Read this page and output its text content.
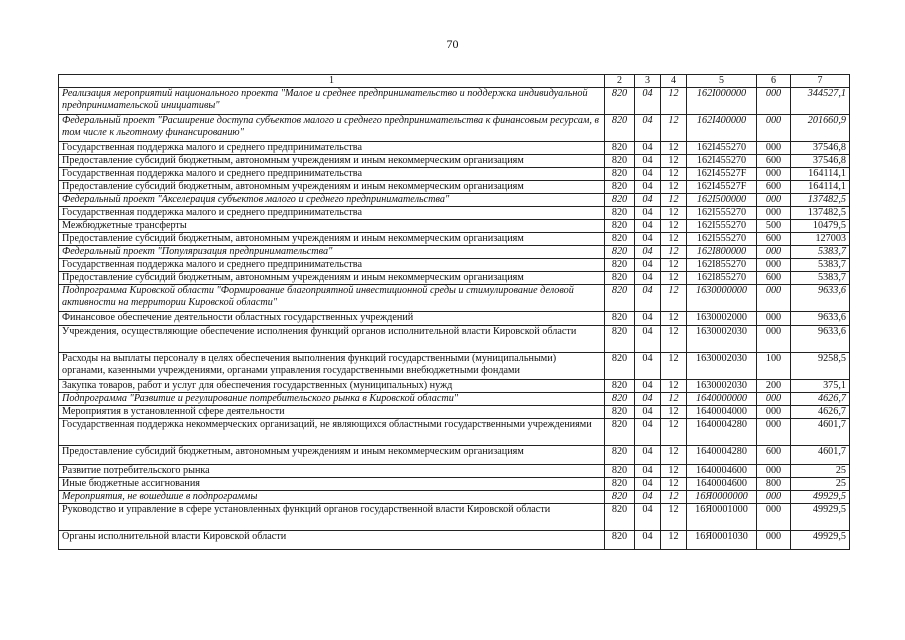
70
1	2	3	4	5	6	7
Реализация мероприятий национального проекта "Малое и среднее предпринимательство и поддержка индивидуальной предпринимательской инициативы"	820	04	12	162I000000	000	344527,1
Федеральный проект "Расширение доступа субъектов малого и среднего предпринимательства к финансовым ресурсам, в том числе к льготному финансированию"	820	04	12	162I400000	000	201660,9
Государственная поддержка малого и среднего предпринимательства	820	04	12	162I455270	000	37546,8
Предоставление субсидий бюджетным, автономным учреждениям и иным некоммерческим организациям	820	04	12	162I455270	600	37546,8
Государственная поддержка малого и среднего предпринимательства	820	04	12	162I45527F	000	164114,1
Предоставление субсидий бюджетным, автономным учреждениям и иным некоммерческим организациям	820	04	12	162I45527F	600	164114,1
Федеральный проект "Акселерация субъектов малого и среднего предпринимательства"	820	04	12	162I500000	000	137482,5
Государственная поддержка малого и среднего предпринимательства	820	04	12	162I555270	000	137482,5
Межбюджетные трансферты	820	04	12	162I555270	500	10479,5
Предоставление субсидий бюджетным, автономным учреждениям и иным некоммерческим организациям	820	04	12	162I555270	600	127003
Федеральный проект "Популяризация предпринимательства"	820	04	12	162I800000	000	5383,7
Государственная поддержка малого и среднего предпринимательства	820	04	12	162I855270	000	5383,7
Предоставление субсидий бюджетным, автономным учреждениям и иным некоммерческим организациям	820	04	12	162I855270	600	5383,7
Подпрограмма Кировской области "Формирование благоприятной инвестиционной среды и стимулирование деловой активности на территории Кировской области"	820	04	12	1630000000	000	9633,6
Финансовое обеспечение деятельности областных государственных учреждений	820	04	12	1630002000	000	9633,6
Учреждения, осуществляющие обеспечение исполнения функций органов исполнительной власти Кировской области	820	04	12	1630002030	000	9633,6
Расходы на выплаты персоналу в целях обеспечения выполнения функций государственными (муниципальными) органами, казенными учреждениями, органами управления государственными внебюджетными фондами	820	04	12	1630002030	100	9258,5
Закупка товаров, работ и услуг для обеспечения государственных (муниципальных) нужд	820	04	12	1630002030	200	375,1
Подпрограмма "Развитие и регулирование потребительского рынка в Кировской области"	820	04	12	1640000000	000	4626,7
Мероприятия в установленной сфере деятельности	820	04	12	1640004000	000	4626,7
Государственная поддержка некоммерческих организаций, не являющихся областными государственными учреждениями	820	04	12	1640004280	000	4601,7
Предоставление субсидий бюджетным, автономным учреждениям и иным некоммерческим организациям	820	04	12	1640004280	600	4601,7
Развитие потребительского рынка	820	04	12	1640004600	000	25
Иные бюджетные ассигнования	820	04	12	1640004600	800	25
Мероприятия, не вошедшие в подпрограммы	820	04	12	16Я0000000	000	49929,5
Руководство и управление в сфере установленных функций органов государственной власти Кировской области	820	04	12	16Я0001000	000	49929,5
Органы исполнительной власти Кировской области	820	04	12	16Я0001030	000	49929,5
